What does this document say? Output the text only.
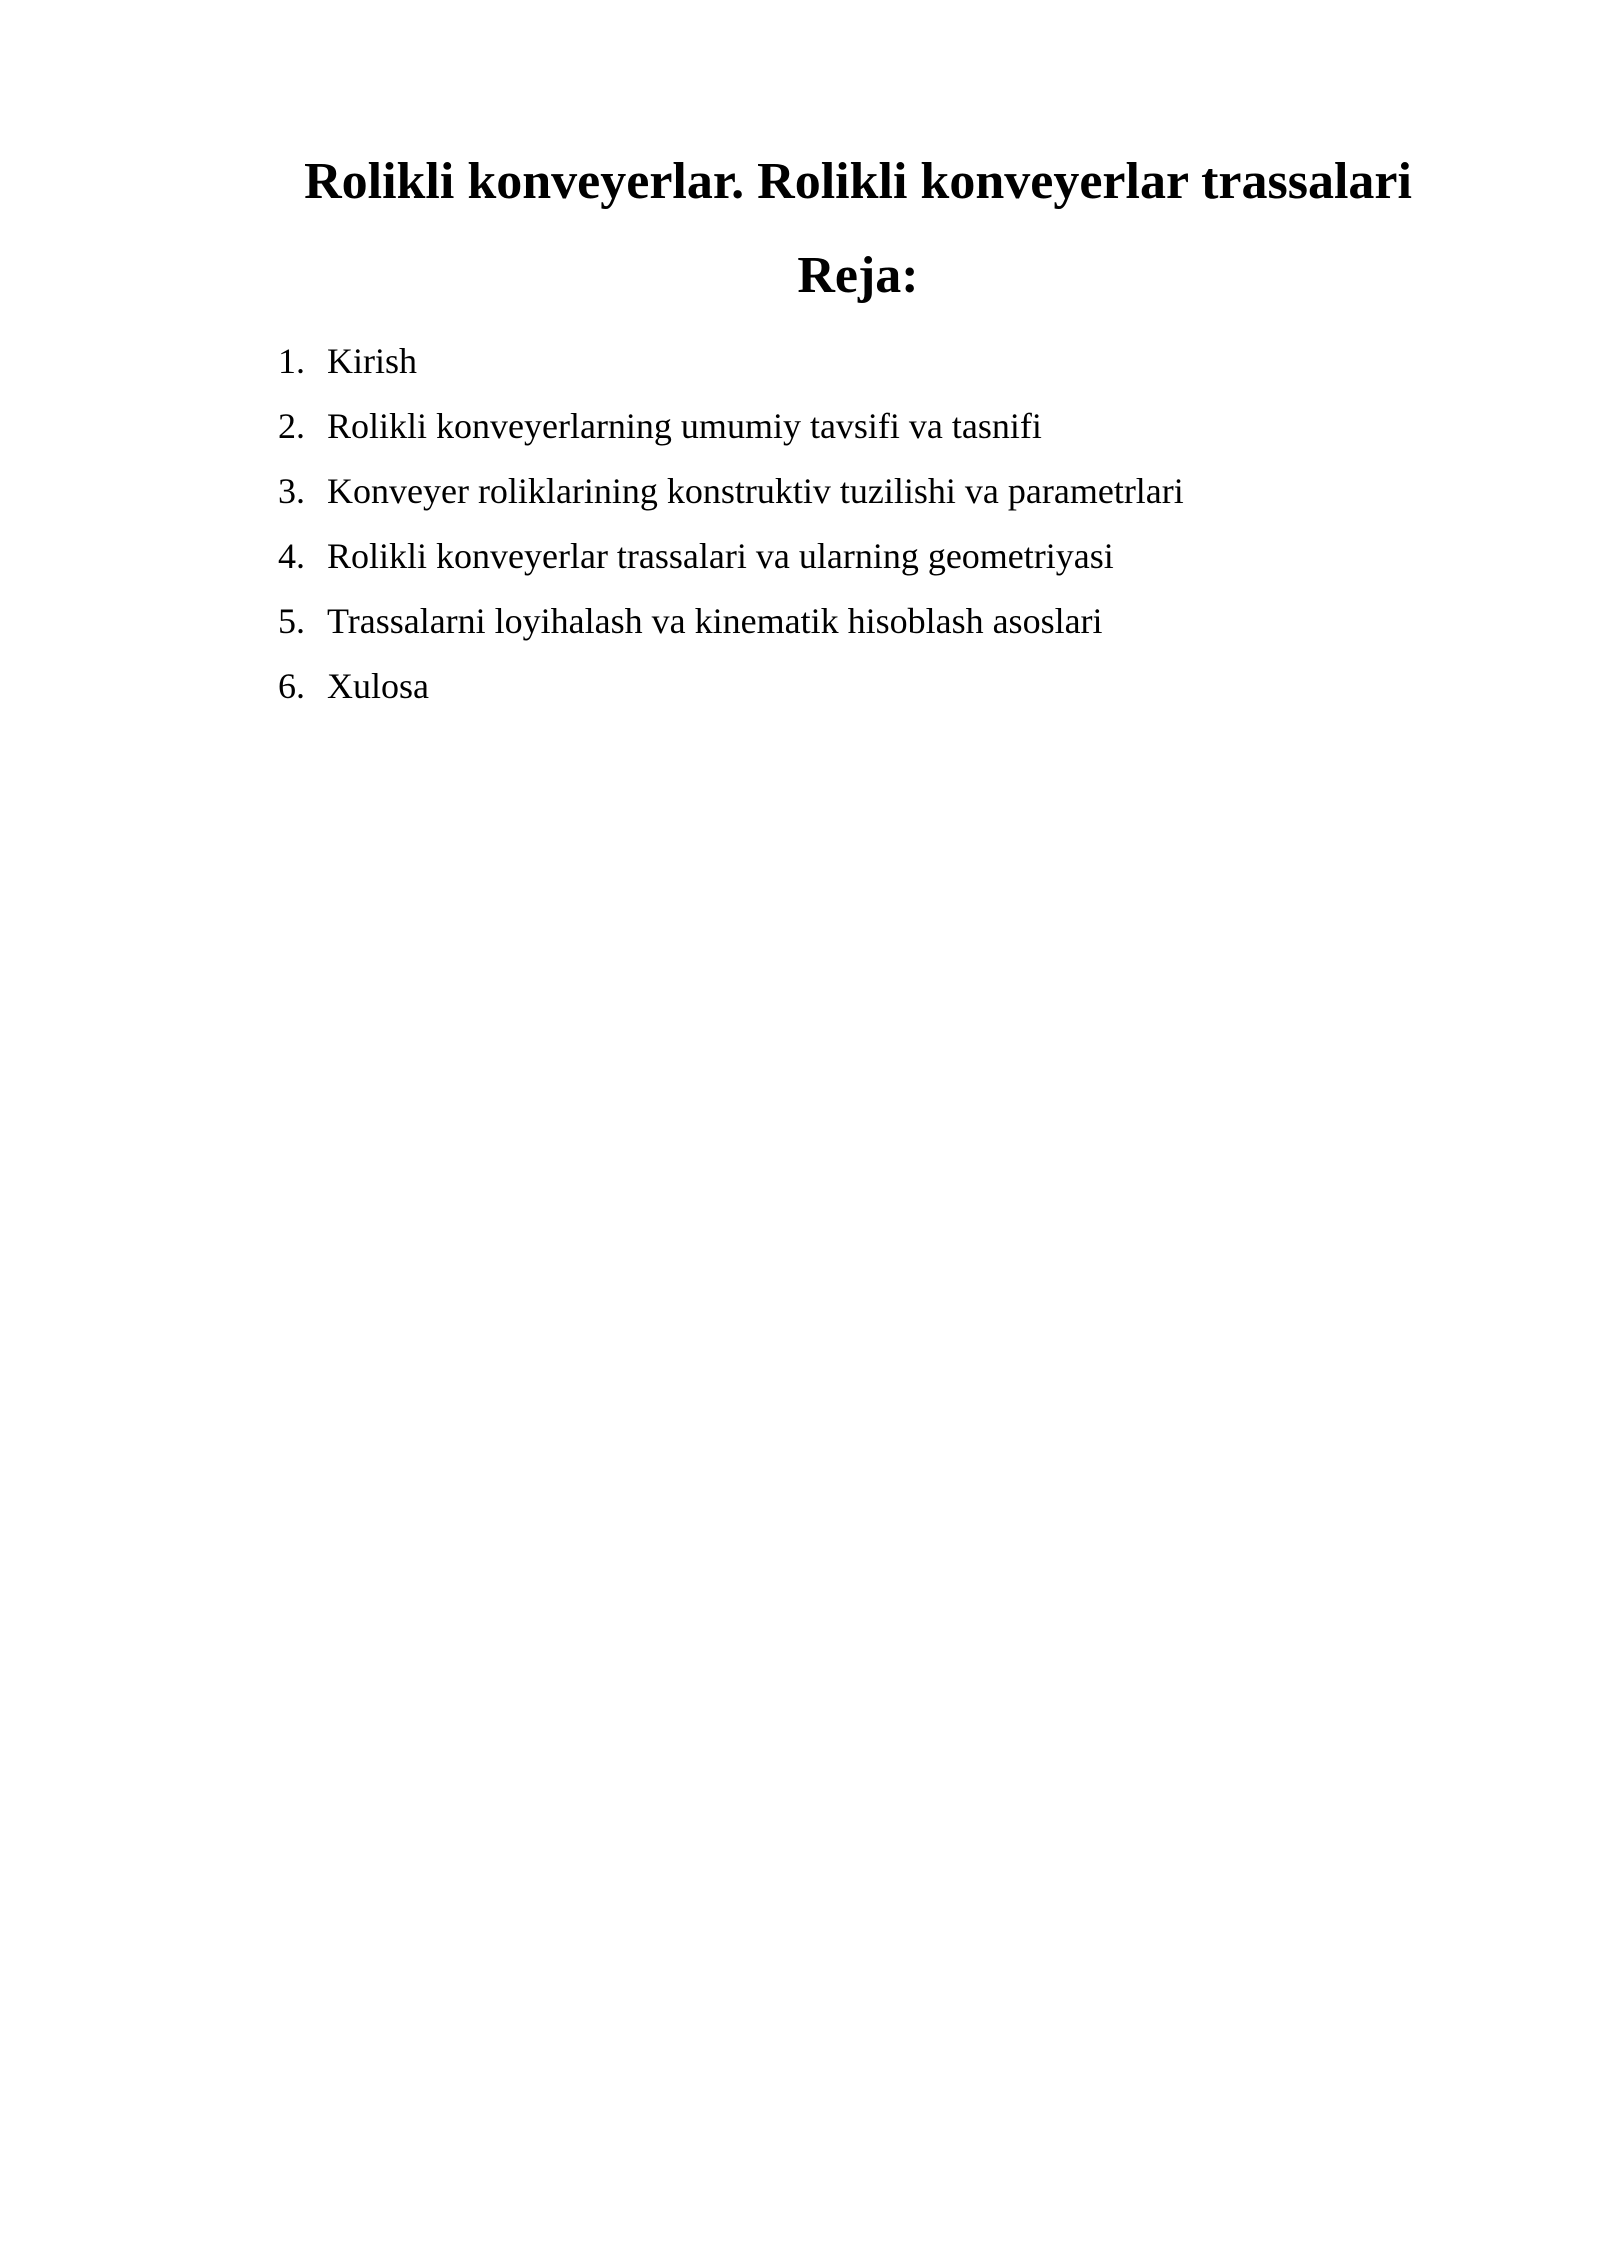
Rolikli konveyerlar. Rolikli konveyerlar trassalari
Reja:
1. Kirish
2. Rolikli konveyerlarning umumiy tavsifi va tasnifi
3. Konveyer roliklarining konstruktiv tuzilishi va parametrlari
4. Rolikli konveyerlar trassalari va ularning geometriyasi
5. Trassalarni loyihalash va kinematik hisoblash asoslari
6. Xulosa
